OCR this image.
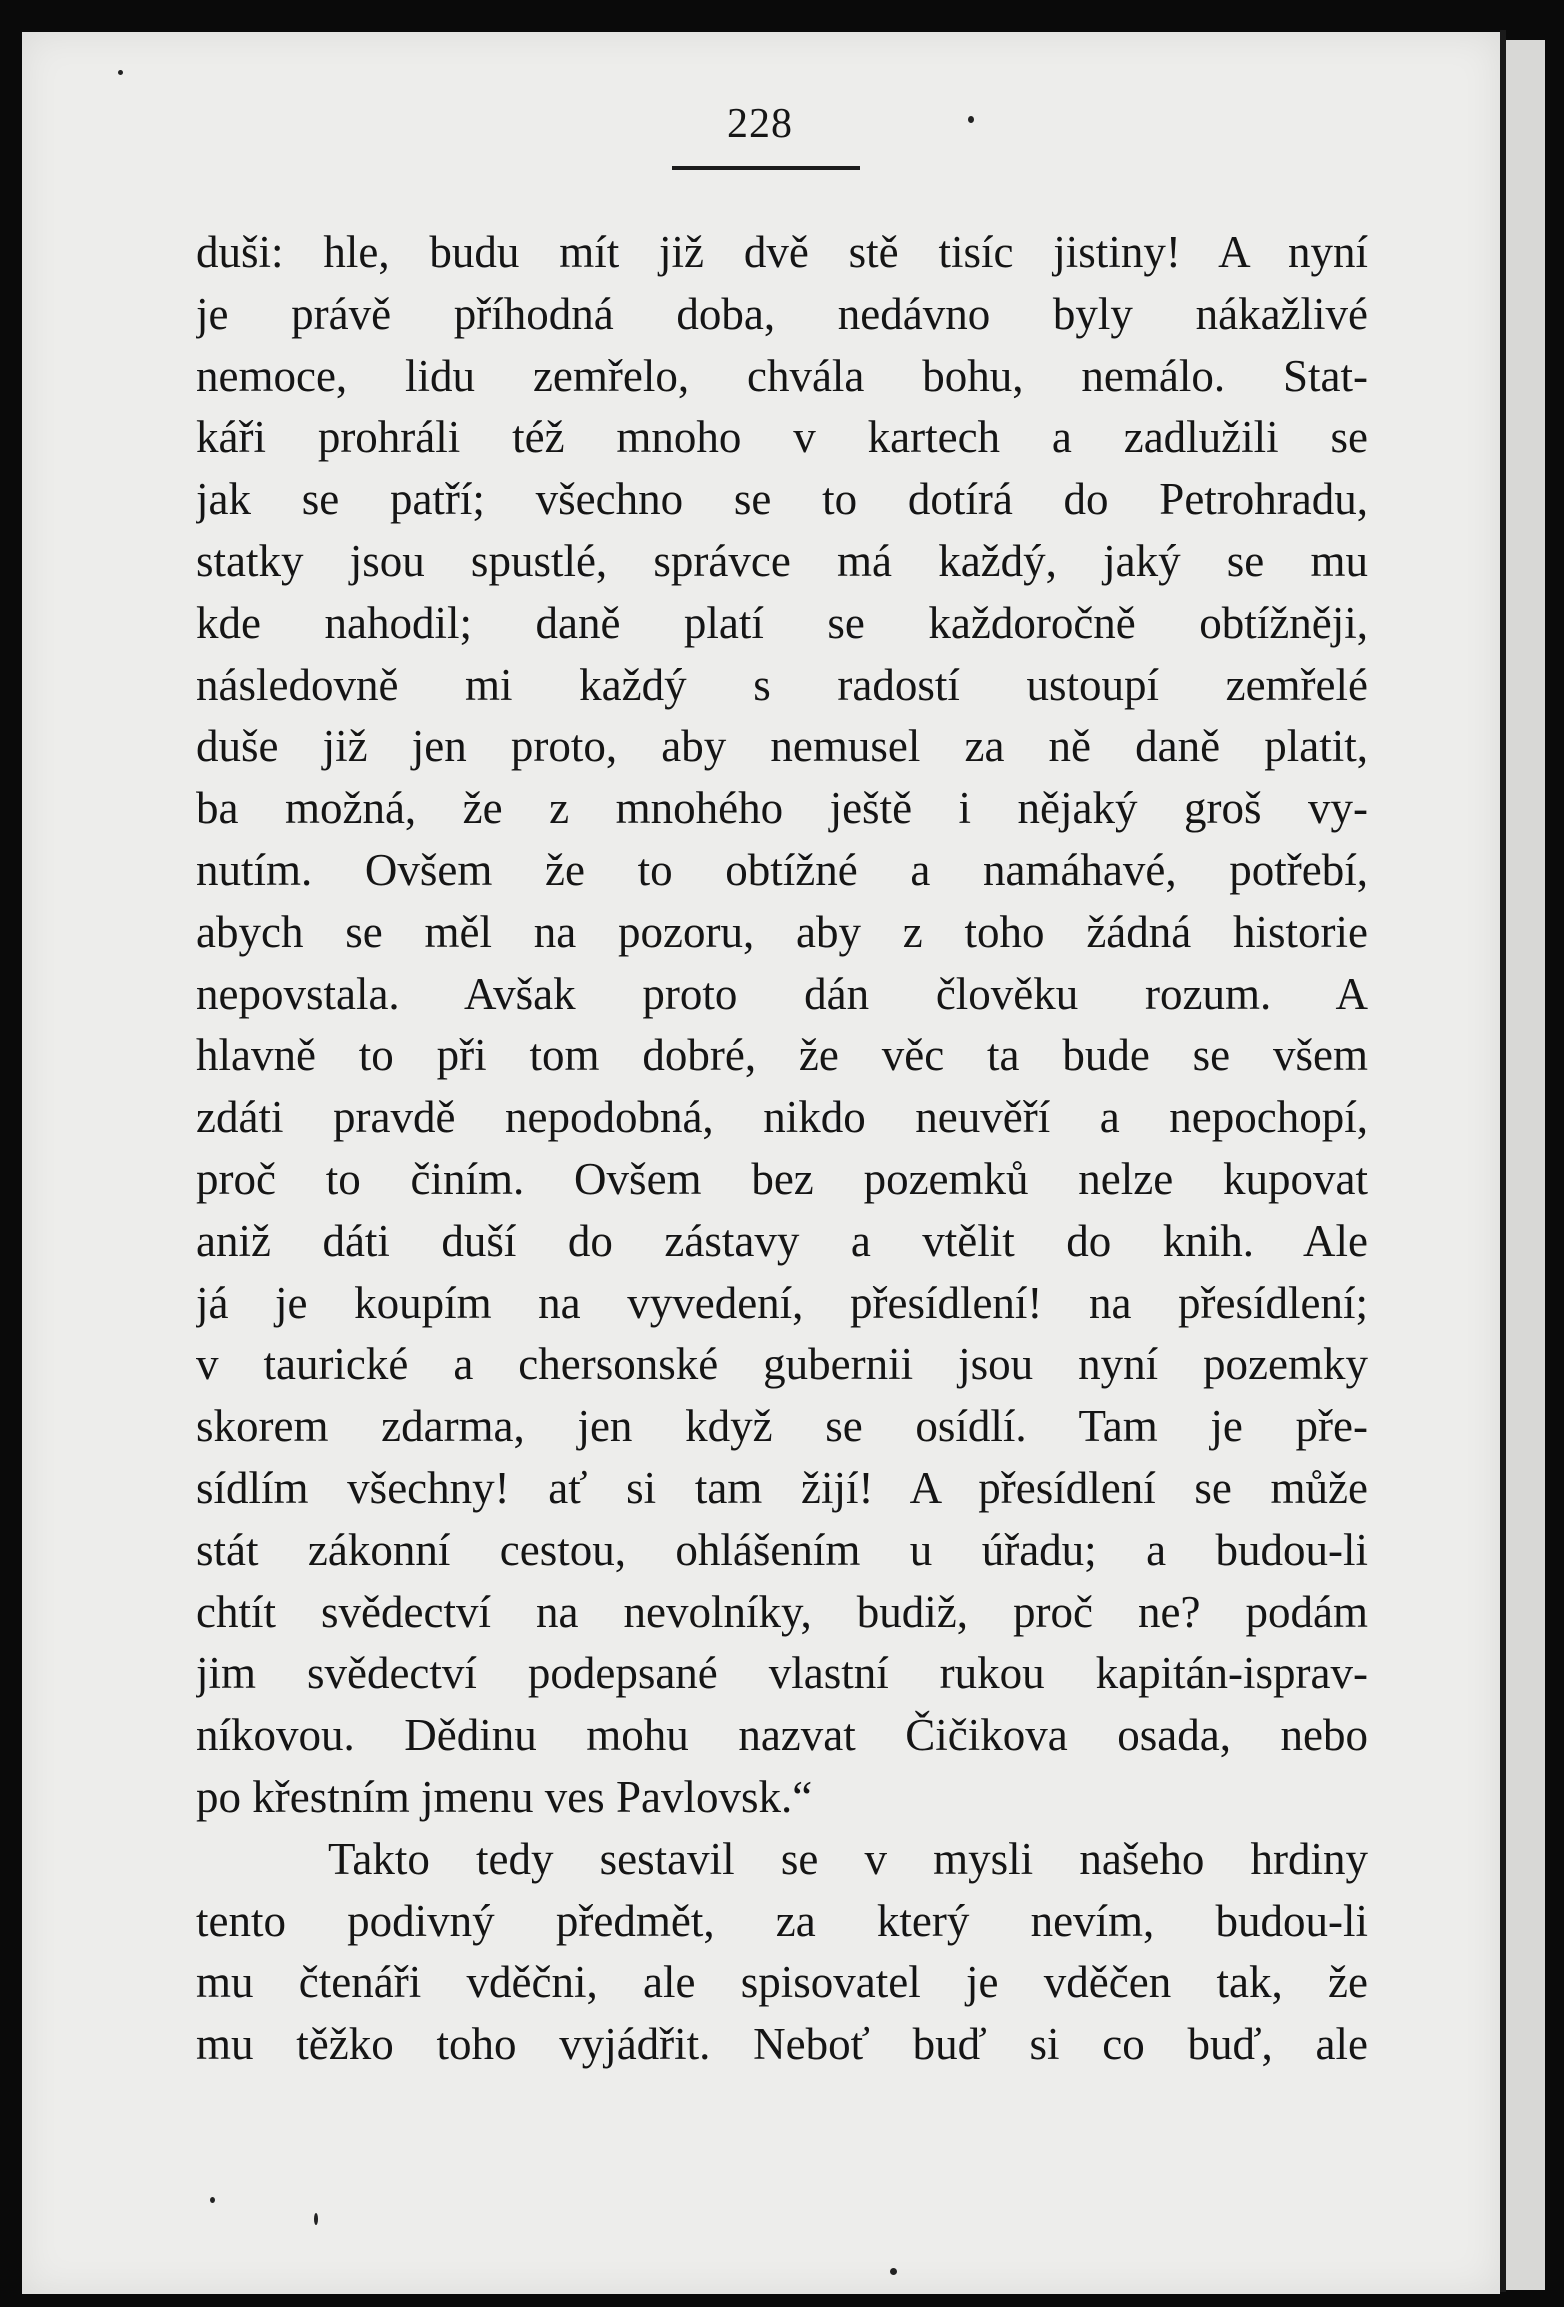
228
duši: hle, budu mít již dvě stě tisíc jistiny! A nyní
je právě příhodná doba, nedávno byly nákažlivé
nemoce, lidu zemřelo, chvála bohu, nemálo. Stat-
káři prohráli též mnoho v kartech a zadlužili se
jak se patří; všechno se to dotírá do Petrohradu,
statky jsou spustlé, správce má každý, jaký se mu
kde nahodil; daně platí se každoročně obtížněji,
následovně mi každý s radostí ustoupí zemřelé
duše již jen proto, aby nemusel za ně daně platit,
ba možná, že z mnohého ještě i nějaký groš vy-
nutím. Ovšem že to obtížné a namáhavé, potřebí,
abych se měl na pozoru, aby z toho žádná historie
nepovstala. Avšak proto dán člověku rozum. A
hlavně to při tom dobré, že věc ta bude se všem
zdáti pravdě nepodobná, nikdo neuvěří a nepochopí,
proč to činím. Ovšem bez pozemků nelze kupovat
aniž dáti duší do zástavy a vtělit do knih. Ale
já je koupím na vyvedení, přesídlení! na přesídlení;
v taurické a chersonské gubernii jsou nyní pozemky
skorem zdarma, jen když se osídlí. Tam je pře-
sídlím všechny! ať si tam žijí! A přesídlení se může
stát zákonní cestou, ohlášením u úřadu; a budou-li
chtít svědectví na nevolníky, budiž, proč ne? podám
jim svědectví podepsané vlastní rukou kapitán-isprav-
níkovou. Dědinu mohu nazvat Čičikova osada, nebo
po křestním jmenu ves Pavlovsk.“
Takto tedy sestavil se v mysli našeho hrdiny
tento podivný předmět, za který nevím, budou-li
mu čtenáři vděčni, ale spisovatel je vděčen tak, že
mu těžko toho vyjádřit. Neboť buď si co buď, ale
